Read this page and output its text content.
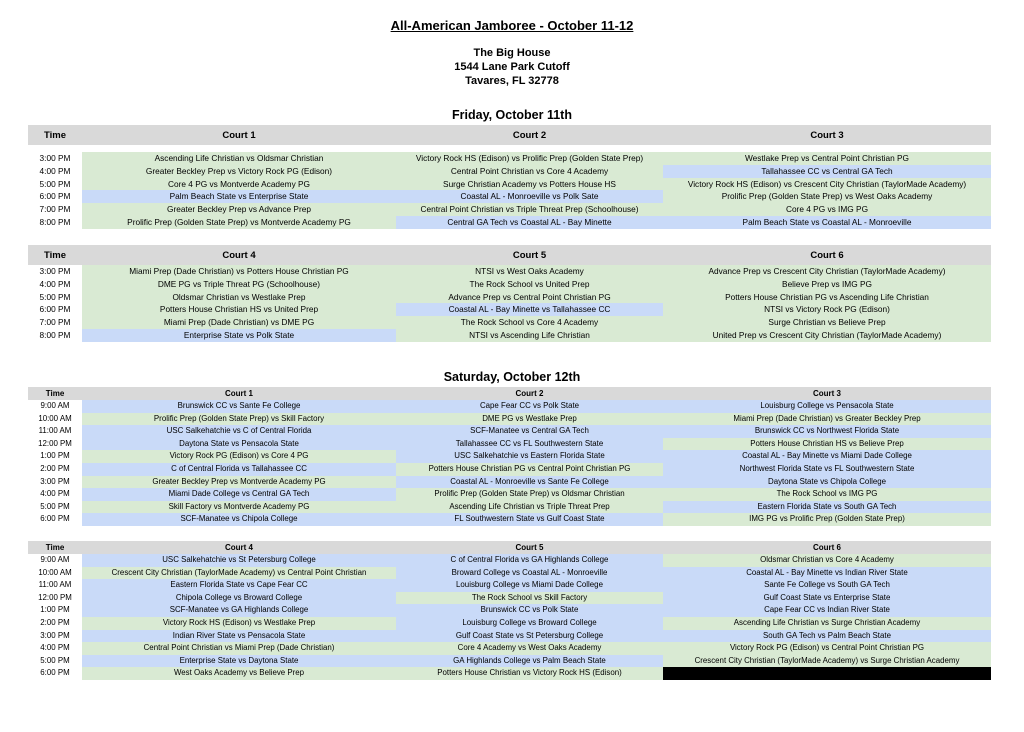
All-American Jamboree - October 11-12
The Big House
1544 Lane Park Cutoff
Tavares, FL 32778
Friday, October 11th
Time	Court 1	Court 2	Court 3
3:00 PM	Ascending Life Christian vs Oldsmar Christian	Victory Rock HS (Edison) vs Prolific Prep (Golden State Prep)	Westlake Prep vs Central Point Christian PG
4:00 PM	Greater Beckley Prep vs Victory Rock PG (Edison)	Central Point Christian vs Core 4 Academy	Tallahassee CC vs Central GA Tech
5:00 PM	Core 4 PG vs Montverde Academy PG	Surge Christian Academy vs Potters House HS	Victory Rock HS (Edison) vs Crescent City Christian (TaylorMade Academy)
6:00 PM	Palm Beach State vs Enterprise State	Coastal AL - Monroeville vs Polk Sate	Prolific Prep (Golden State Prep) vs West Oaks Academy
7:00 PM	Greater Beckley Prep vs Advance Prep	Central Point Christian vs Triple Threat Prep (Schoolhouse)	Core 4 PG vs IMG PG
8:00 PM	Prolific Prep (Golden State Prep) vs Montverde Academy PG	Central GA Tech vs Coastal AL - Bay Minette	Palm Beach State vs Coastal AL - Monroeville
Time	Court 4	Court 5	Court 6
3:00 PM	Miami Prep (Dade Christian) vs Potters House Christian PG	NTSI vs West Oaks Academy	Advance Prep vs Crescent City Christian (TaylorMade Academy)
4:00 PM	DME PG vs Triple Threat PG (Schoolhouse)	The Rock School vs United Prep	Believe Prep vs IMG PG
5:00 PM	Oldsmar Christian vs Westlake Prep	Advance Prep vs Central Point Christian PG	Potters House Christian PG vs Ascending Life Christian
6:00 PM	Potters House Christian HS vs United Prep	Coastal AL - Bay Minette vs Tallahassee CC	NTSI vs Victory Rock PG (Edison)
7:00 PM	Miami Prep (Dade Christian) vs DME PG	The Rock School vs Core 4 Academy	Surge Christian vs Believe Prep
8:00 PM	Enterprise State vs Polk State	NTSI vs Ascending Life Christian	United Prep vs Crescent City Christian (TaylorMade Academy)
Saturday, October 12th
Time	Court 1	Court 2	Court 3
9:00 AM	Brunswick CC vs Sante Fe College	Cape Fear CC vs Polk State	Louisburg College vs Pensacola State
10:00 AM	Prolific Prep (Golden State Prep) vs Skill Factory	DME PG vs Westlake Prep	Miami Prep (Dade Christian) vs Greater Beckley Prep
11:00 AM	USC Salkehatchie vs C of Central Florida	SCF-Manatee vs Central GA Tech	Brunswick CC vs Northwest Florida State
12:00 PM	Daytona State vs Pensacola State	Tallahassee CC vs FL Southwestern State	Potters House Christian HS vs Believe Prep
1:00 PM	Victory Rock PG (Edison) vs Core 4 PG	USC Salkehatchie vs Eastern Florida State	Coastal AL - Bay Minette vs Miami Dade College
2:00 PM	C of Central Florida vs Tallahassee CC	Potters House Christian PG vs Central Point Christian PG	Northwest Florida State vs FL Southwestern State
3:00 PM	Greater Beckley Prep vs Montverde Academy PG	Coastal AL - Monroeville vs Sante Fe College	Daytona State vs Chipola College
4:00 PM	Miami Dade College vs Central GA Tech	Prolific Prep (Golden State Prep) vs Oldsmar Christian	The Rock School vs IMG PG
5:00 PM	Skill Factory vs Montverde Academy PG	Ascending Life Christian vs Triple Threat Prep	Eastern Florida State vs South GA Tech
6:00 PM	SCF-Manatee vs Chipola College	FL Southwestern State vs Gulf Coast State	IMG PG vs Prolific Prep (Golden State Prep)
Time	Court 4	Court 5	Court 6
9:00 AM	USC Salkehatchie vs St Petersburg College	C of Central Florida vs GA Highlands College	Oldsmar Christian vs Core 4 Academy
10:00 AM	Crescent City Christian (TaylorMade Academy) vs Central Point Christian	Broward College vs Coastal AL - Monroeville	Coastal AL - Bay Minette vs Indian River State
11:00 AM	Eastern Florida State vs Cape Fear CC	Louisburg College vs Miami Dade College	Sante Fe College vs South GA Tech
12:00 PM	Chipola College vs Broward College	The Rock School vs Skill Factory	Gulf Coast State vs Enterprise State
1:00 PM	SCF-Manatee vs GA Highlands College	Brunswick CC vs Polk State	Cape Fear CC vs Indian River State
2:00 PM	Victory Rock HS (Edison) vs Westlake Prep	Louisburg College vs Broward College	Ascending Life Christian vs Surge Christian Academy
3:00 PM	Indian River State vs Pensacola State	Gulf Coast State vs St Petersburg College	South GA Tech vs Palm Beach State
4:00 PM	Central Point Christian vs Miami Prep (Dade Christian)	Core 4 Academy vs West Oaks Academy	Victory Rock PG (Edison) vs Central Point Christian PG
5:00 PM	Enterprise State vs Daytona State	GA Highlands College vs Palm Beach State	Crescent City Christian (TaylorMade Academy) vs Surge Christian Academy
6:00 PM	West Oaks Academy vs Believe Prep	Potters House Christian vs Victory Rock HS (Edison)
